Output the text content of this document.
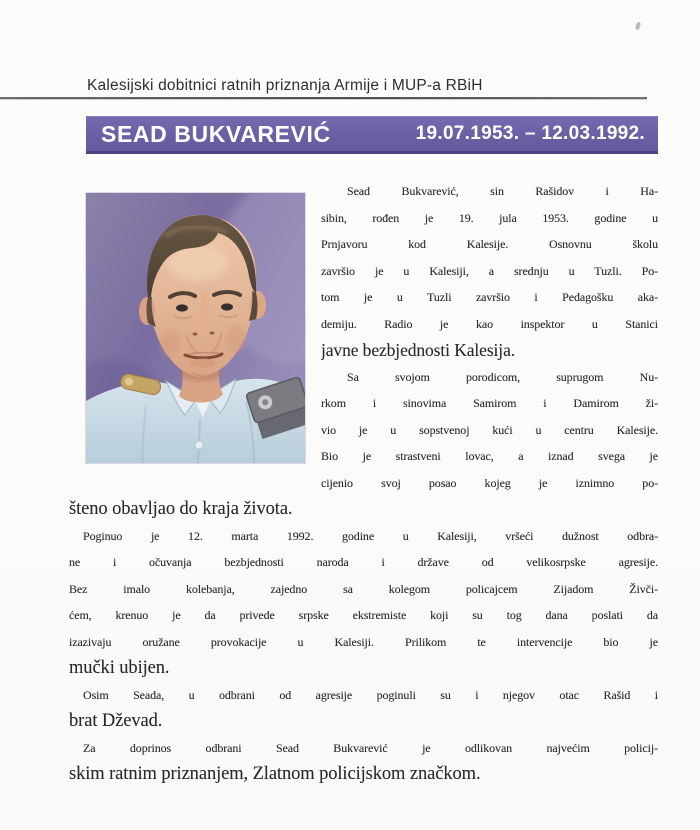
Kalesijski dobitnici ratnih priznanja Armije i MUP-a RBiH
SEAD BUKVAREVIĆ	19.07.1953. – 12.03.1992.
Sead Bukvarević, sin Rašidov i Ha-
sibin, rođen je 19. jula 1953. godine u
Prnjavoru kod Kalesije. Osnovnu školu
završio je u Kalesiji, a srednju u Tuzli. Po-
tom je u Tuzli završio i Pedagošku aka-
demiju. Radio je kao inspektor u Stanici
javne bezbjednosti Kalesija.
Sa svojom porodicom, suprugom Nu-
rkom i sinovima Samirom i Damirom ži-
vio je u sopstvenoj kući u centru Kalesije.
Bio je strastveni lovac, a iznad svega je
cijenio svoj posao kojeg je iznimno po-
šteno obavljao do kraja života.
Poginuo je 12. marta 1992. godine u Kalesiji, vršeći dužnost odbra-
ne i očuvanja bezbjednosti naroda i države od velikosrpske agresije.
Bez imalo kolebanja, zajedno sa kolegom policajcem Zijadom Živči-
ćem, krenuo je da privede srpske ekstremiste koji su tog dana poslati da
izazivaju oružane provokacije u Kalesiji. Prilikom te intervencije bio je
mučki ubijen.
Osim Seada, u odbrani od agresije poginuli su i njegov otac Rašid i
brat Dževad.
Za doprinos odbrani Sead Bukvarević je odlikovan najvećim policij-
skim ratnim priznanjem, Zlatnom policijskom značkom.
